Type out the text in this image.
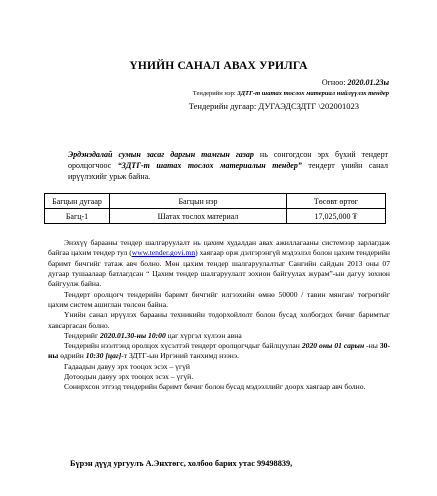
ҮНИЙН САНАЛ АВАХ УРИЛГА
Огноо: 2020.01.23ы
Тендерийн нэр: ЗДТГ-т шатах тослох материал нийлүүлэх тендер
Тендерийн дугаар: ДУГАЭДСЗДТГ \202001023
Эрдэнэдалай сумын засаг даргын тамгын газар нь сонгогдсон эрх бүхий тендерт оролцогчоос “ЗДТГ-т шатах тослох материалын тендер” тендерт үнийн санал ирүүлэхийг урьж байна.
Багцын дугаар	Багцын нэр	Төсөвт өртөг
Багц-1	Шатах тослох материал	17,025,000 ₮

Энэхүү барааны тендер шалгаруулалт нь цахим худалдан авах ажиллагааны системээр зарлагдаж байгаа цахим тендер тул (www.tender.govi.mn) хаягаар орж дэлгэрэнгүй мэдээлэл болон цахим тендерийн баримт бичгийг татаж авч болно. Мөн цахим тендер шалгаруулалтыг Сангийн сайдын 2013 оны 07 дугаар тушаалаар батлагдсан “ Цахим тендер шалгаруулалт зохион байгуулах журам”-ын дагуу зохион байгуулж байна.

Тендерт оролцогч тендерийн баримт бичгийг илгээхийн өмнө 50000 / тавин мянган/ төгрөгийг цахим систем ашиглан төлсөн байна.

Үнийн санал ирүүлэх барааны техникийн тодорхойлолт болон бусад холбогдох бичиг баримтыг хавсаргасан болно.

Тендерийг 2020.01.30-ны 10:00 цаг хүргэл хүлээн авна

Тендерийн нээлтэнд оролцох хүсэлтэй тендерт оролцогчдыг байлцуулан 2020 оны 01 сарын -ны 30-ны өдрийн 10:30 [цаг]-т ЗДТГ-ын Иргэний танхимд нээнэ.

Гадаадын давуу эрх тооцох эсэх – үгүй

Дотоодын давуу эрх тооцох эсэх – үгүй.

Сонирхсон этгээд тендерийн баримт бичиг болон бусад мэдээллийг доорх хаягаар авч болно.

Бүрэн дүүд ургуулъ А.Энхтөгс, холбоо барих утас 99498839,
